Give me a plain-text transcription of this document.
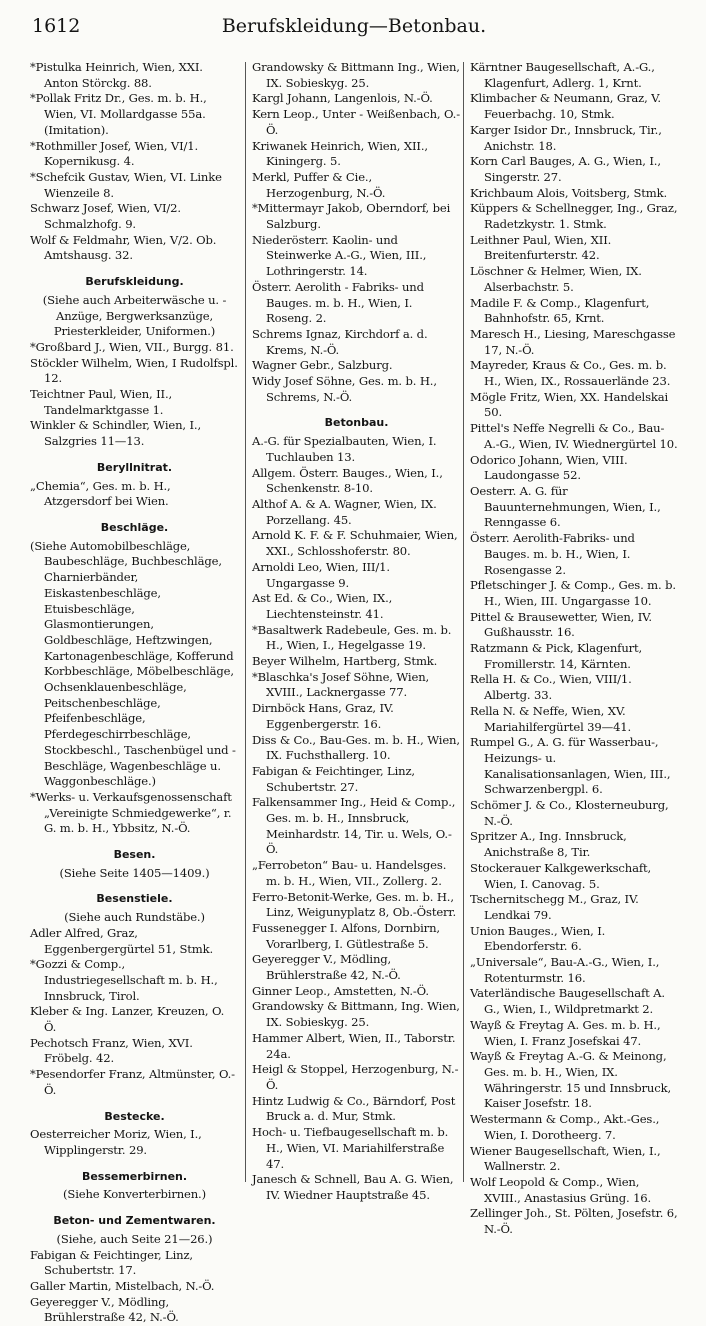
1612	Berufskleidung—Betonbau.

*Pistulka Heinrich, Wien, XXI. Anton Störckg. 88.

*Pollak Fritz Dr., Ges. m. b. H., Wien, VI. Mollardgasse 55a. (Imitation).

*Rothmiller Josef, Wien, VI/1. Kopernikusg. 4.

*Schefcik Gustav, Wien, VI. Linke Wienzeile 8.

Schwarz Josef, Wien, VI/2. Schmalzhofg. 9.

Wolf & Feldmahr, Wien, V/2. Ob. Amtshausg. 32.

Berufskleidung.

(Siehe auch Arbeiterwäsche u. -Anzüge, Bergwerksanzüge, Priesterkleider, Uniformen.)

*Großbard J., Wien, VII., Burgg. 81.

Stöckler Wilhelm, Wien, I Rudolfspl. 12.

Teichtner Paul, Wien, II., Tandelmarktgasse 1.

Winkler & Schindler, Wien, I., Salzgries 11—13.

Beryllnitrat.

„Chemia“, Ges. m. b. H., Atzgersdorf bei Wien.

Beschläge.

(Siehe Automobilbeschläge, Baubeschläge, Buchbeschläge, Charnierbänder, Eiskastenbeschläge, Etuisbeschläge, Glasmontierungen, Goldbeschläge, Heftzwingen, Kartonagenbeschläge, Kofferund Korbbeschläge, Möbelbeschläge, Ochsenklauenbeschläge, Peitschenbeschläge, Pfeifenbeschläge, Pferdegeschirrbeschläge, Stockbeschl., Taschenbügel und -Beschläge, Wagenbeschläge u. Waggonbeschläge.)

*Werks- u. Verkaufsgenossenschaft „Vereinigte Schmiedgewerke“, r. G. m. b. H., Ybbsitz, N.-Ö.

Besen.

(Siehe Seite 1405—1409.)

Besenstiele.

(Siehe auch Rundstäbe.)

Adler Alfred, Graz, Eggenbergergürtel 51, Stmk.

*Gozzi & Comp., Industriegesellschaft m. b. H., Innsbruck, Tirol.

Kleber & Ing. Lanzer, Kreuzen, O. Ö.

Pechotsch Franz, Wien, XVI. Fröbelg. 42.

*Pesendorfer Franz, Altmünster, O.-Ö.

Bestecke.

Oesterreicher Moriz, Wien, I., Wipplingerstr. 29.

Bessemerbirnen.

(Siehe Konverterbirnen.)

Beton- und Zementwaren.

(Siehe, auch Seite 21—26.)

Fabigan & Feichtinger, Linz, Schubertstr. 17.

Galler Martin, Mistelbach, N.-Ö.

Geyeregger V., Mödling, Brühlerstraße 42, N.-Ö.

Grandowsky & Bittmann Ing., Wien, IX. Sobieskyg. 25.

Kargl Johann, Langenlois, N.-Ö.

Kern Leop., Unter - Weißenbach, O.-Ö.

Kriwanek Heinrich, Wien, XII., Kiningerg. 5.

Merkl, Puffer & Cie., Herzogenburg, N.-Ö.

*Mittermayr Jakob, Oberndorf, bei Salzburg.

Niederösterr. Kaolin- und Steinwerke A.-G., Wien, III., Lothringerstr. 14.

Österr. Aerolith - Fabriks- und Bauges. m. b. H., Wien, I. Roseng. 2.

Schrems Ignaz, Kirchdorf a. d. Krems, N.-Ö.

Wagner Gebr., Salzburg.

Widy Josef Söhne, Ges. m. b. H., Schrems, N.-Ö.

Betonbau.

A.-G. für Spezialbauten, Wien, I. Tuchlauben 13.

Allgem. Österr. Bauges., Wien, I., Schenkenstr. 8-10.

Althof A. & A. Wagner, Wien, IX. Porzellang. 45.

Arnold K. F. & F. Schuhmaier, Wien, XXI., Schlosshoferstr. 80.

Arnoldi Leo, Wien, III/1. Ungargasse 9.

Ast Ed. & Co., Wien, IX., Liechtensteinstr. 41.

*Basaltwerk Radebeule, Ges. m. b. H., Wien, I., Hegelgasse 19.

Beyer Wilhelm, Hartberg, Stmk.

*Blaschka's Josef Söhne, Wien, XVIII., Lacknergasse 77.

Dirnböck Hans, Graz, IV. Eggenbergerstr. 16.

Diss & Co., Bau-Ges. m. b. H., Wien, IX. Fuchsthallerg. 10.

Fabigan & Feichtinger, Linz, Schubertstr. 27.

Falkensammer Ing., Heid & Comp., Ges. m. b. H., Innsbruck, Meinhardstr. 14, Tir. u. Wels, O.-Ö.

„Ferrobeton“ Bau- u. Handelsges. m. b. H., Wien, VII., Zollerg. 2.

Ferro-Betonit-Werke, Ges. m. b. H., Linz, Weigunyplatz 8, Ob.-Österr.

Fussenegger I. Alfons, Dornbirn, Vorarlberg, I. Gütlestraße 5.

Geyeregger V., Mödling, Brühlerstraße 42, N.-Ö.

Ginner Leop., Amstetten, N.-Ö.

Grandowsky & Bittmann, Ing. Wien, IX. Sobieskyg. 25.

Hammer Albert, Wien, II., Taborstr. 24a.

Heigl & Stoppel, Herzogenburg, N.-Ö.

Hintz Ludwig & Co., Bärndorf, Post Bruck a. d. Mur, Stmk.

Hoch- u. Tiefbaugesellschaft m. b. H., Wien, VI. Mariahilferstraße 47.

Janesch & Schnell, Bau A. G. Wien, IV. Wiedner Hauptstraße 45.

Kärntner Baugesellschaft, A.-G., Klagenfurt, Adlerg. 1, Krnt.

Klimbacher & Neumann, Graz, V. Feuerbachg. 10, Stmk.

Karger Isidor Dr., Innsbruck, Tir., Anichstr. 18.

Korn Carl Bauges, A. G., Wien, I., Singerstr. 27.

Krichbaum Alois, Voitsberg, Stmk.

Küppers & Schellnegger, Ing., Graz, Radetzkystr. 1. Stmk.

Leithner Paul, Wien, XII. Breitenfurterstr. 42.

Löschner & Helmer, Wien, IX. Alserbachstr. 5.

Madile F. & Comp., Klagenfurt, Bahnhofstr. 65, Krnt.

Maresch H., Liesing, Mareschgasse 17, N.-Ö.

Mayreder, Kraus & Co., Ges. m. b. H., Wien, IX., Rossauerlände 23.

Mögle Fritz, Wien, XX. Handelskai 50.

Pittel's Neffe Negrelli & Co., Bau-A.-G., Wien, IV. Wiednergürtel 10.

Odorico Johann, Wien, VIII. Laudongasse 52.

Oesterr. A. G. für Bauunternehmungen, Wien, I., Renngasse 6.

Österr. Aerolith-Fabriks- und Bauges. m. b. H., Wien, I. Rosengasse 2.

Pfletschinger J. & Comp., Ges. m. b. H., Wien, III. Ungargasse 10.

Pittel & Brausewetter, Wien, IV. Gußhausstr. 16.

Ratzmann & Pick, Klagenfurt, Fromillerstr. 14, Kärnten.

Rella H. & Co., Wien, VIII/1. Albertg. 33.

Rella N. & Neffe, Wien, XV. Mariahilfergürtel 39—41.

Rumpel G., A. G. für Wasserbau-, Heizungs- u. Kanalisationsanlagen, Wien, III., Schwarzenbergpl. 6.

Schömer J. & Co., Klosterneuburg, N.-Ö.

Spritzer A., Ing. Innsbruck, Anichstraße 8, Tir.

Stockerauer Kalkgewerkschaft, Wien, I. Canovag. 5.

Tschernitschegg M., Graz, IV. Lendkai 79.

Union Bauges., Wien, I. Ebendorferstr. 6.

„Universale“, Bau-A.-G., Wien, I., Rotenturmstr. 16.

Vaterländische Baugesellschaft A. G., Wien, I., Wildpretmarkt 2.

Wayß & Freytag A. Ges. m. b. H., Wien, I. Franz Josefskai 47.

Wayß & Freytag A.-G. & Meinong, Ges. m. b. H., Wien, IX. Währingerstr. 15 und Innsbruck, Kaiser Josefstr. 18.

Westermann & Comp., Akt.-Ges., Wien, I. Dorotheerg. 7.

Wiener Baugesellschaft, Wien, I., Wallnerstr. 2.

Wolf Leopold & Comp., Wien, XVIII., Anastasius Grüng. 16.

Zellinger Joh., St. Pölten, Josefstr. 6, N.-Ö.
